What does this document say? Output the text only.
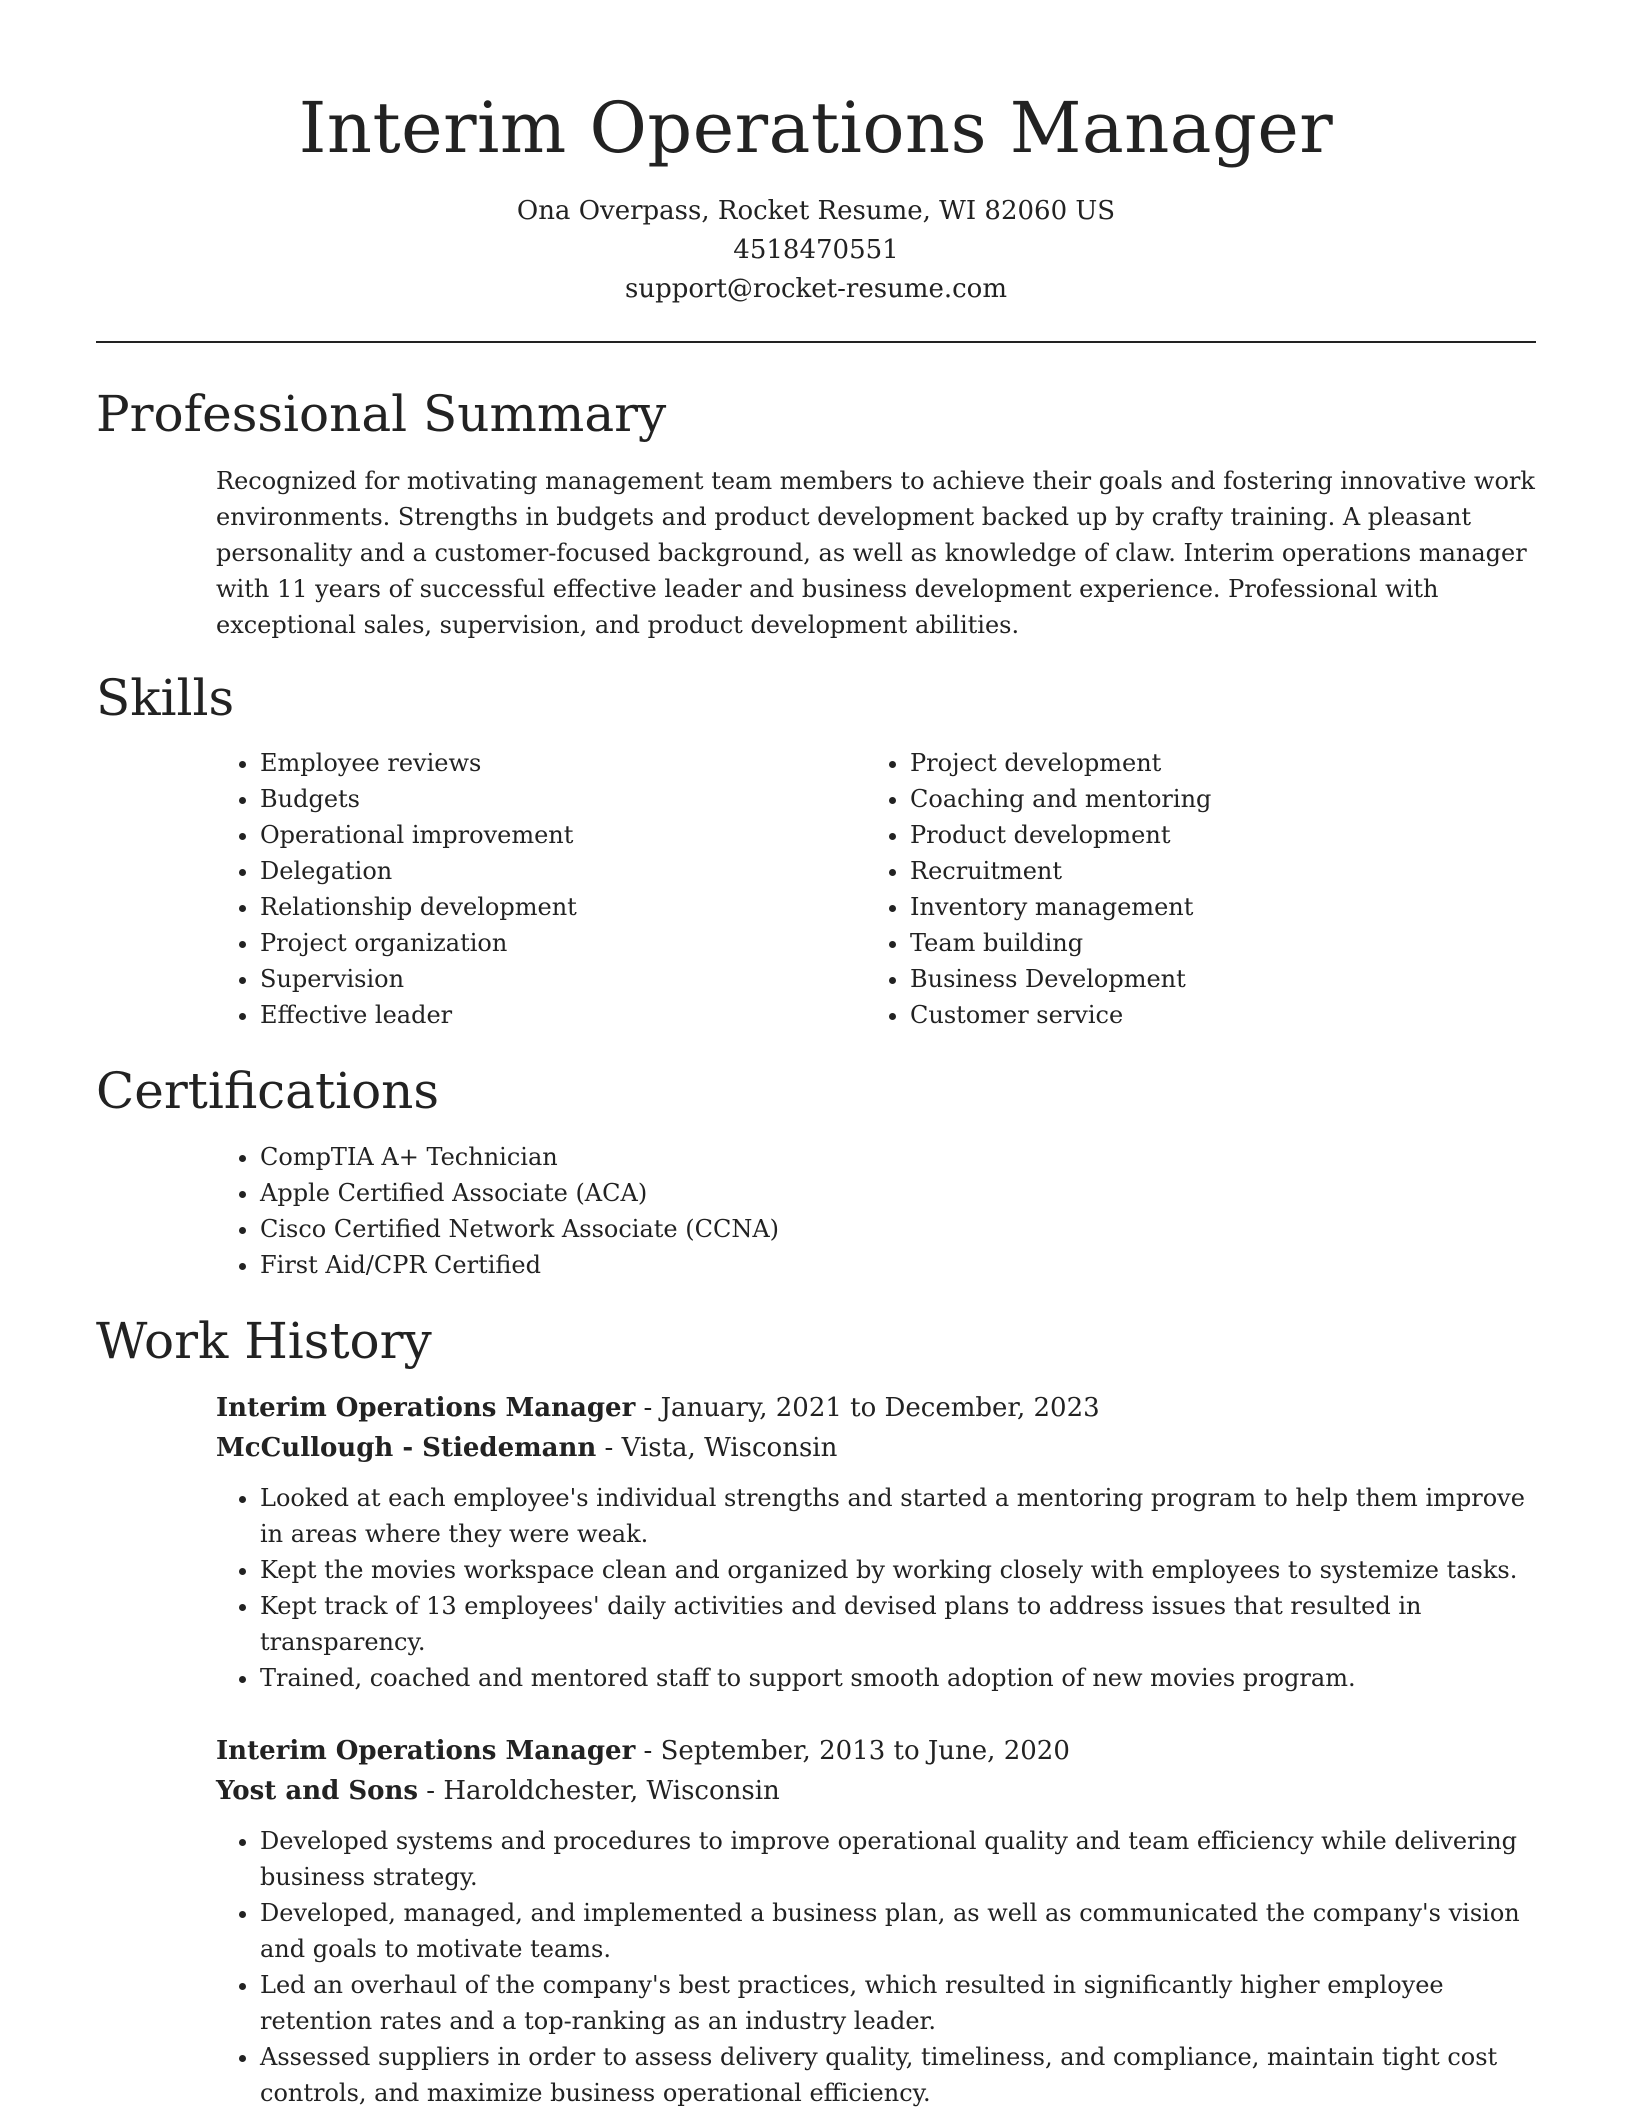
Interim Operations Manager
Ona Overpass, Rocket Resume, WI 82060 US
4518470551
support@rocket-resume.com
Professional Summary

Recognized for motivating management team members to achieve their goals and fostering innovative work environments. Strengths in budgets and product development backed up by crafty training. A pleasant personality and a customer-focused background, as well as knowledge of claw. Interim operations manager with 11 years of successful effective leader and business development experience. Professional with exceptional sales, supervision, and product development abilities.

Skills
• Employee reviews
• Budgets
• Operational improvement
• Delegation
• Relationship development
• Project organization
• Supervision
• Effective leader
• Project development
• Coaching and mentoring
• Product development
• Recruitment
• Inventory management
• Team building
• Business Development
• Customer service
Certifications
• CompTIA A+ Technician
• Apple Certified Associate (ACA)
• Cisco Certified Network Associate (CCNA)
• First Aid/CPR Certified
Work History

Interim Operations Manager - January, 2021 to December, 2023

McCullough - Stiedemann - Vista, Wisconsin

• Looked at each employee's individual strengths and started a mentoring program to help them improve in areas where they were weak.
• Kept the movies workspace clean and organized by working closely with employees to systemize tasks.
• Kept track of 13 employees' daily activities and devised plans to address issues that resulted in transparency.
• Trained, coached and mentored staff to support smooth adoption of new movies program.

Interim Operations Manager - September, 2013 to June, 2020

Yost and Sons - Haroldchester, Wisconsin

• Developed systems and procedures to improve operational quality and team efficiency while delivering business strategy.
• Developed, managed, and implemented a business plan, as well as communicated the company's vision and goals to motivate teams.
• Led an overhaul of the company's best practices, which resulted in significantly higher employee retention rates and a top-ranking as an industry leader.
• Assessed suppliers in order to assess delivery quality, timeliness, and compliance, maintain tight cost controls, and maximize business operational efficiency.
